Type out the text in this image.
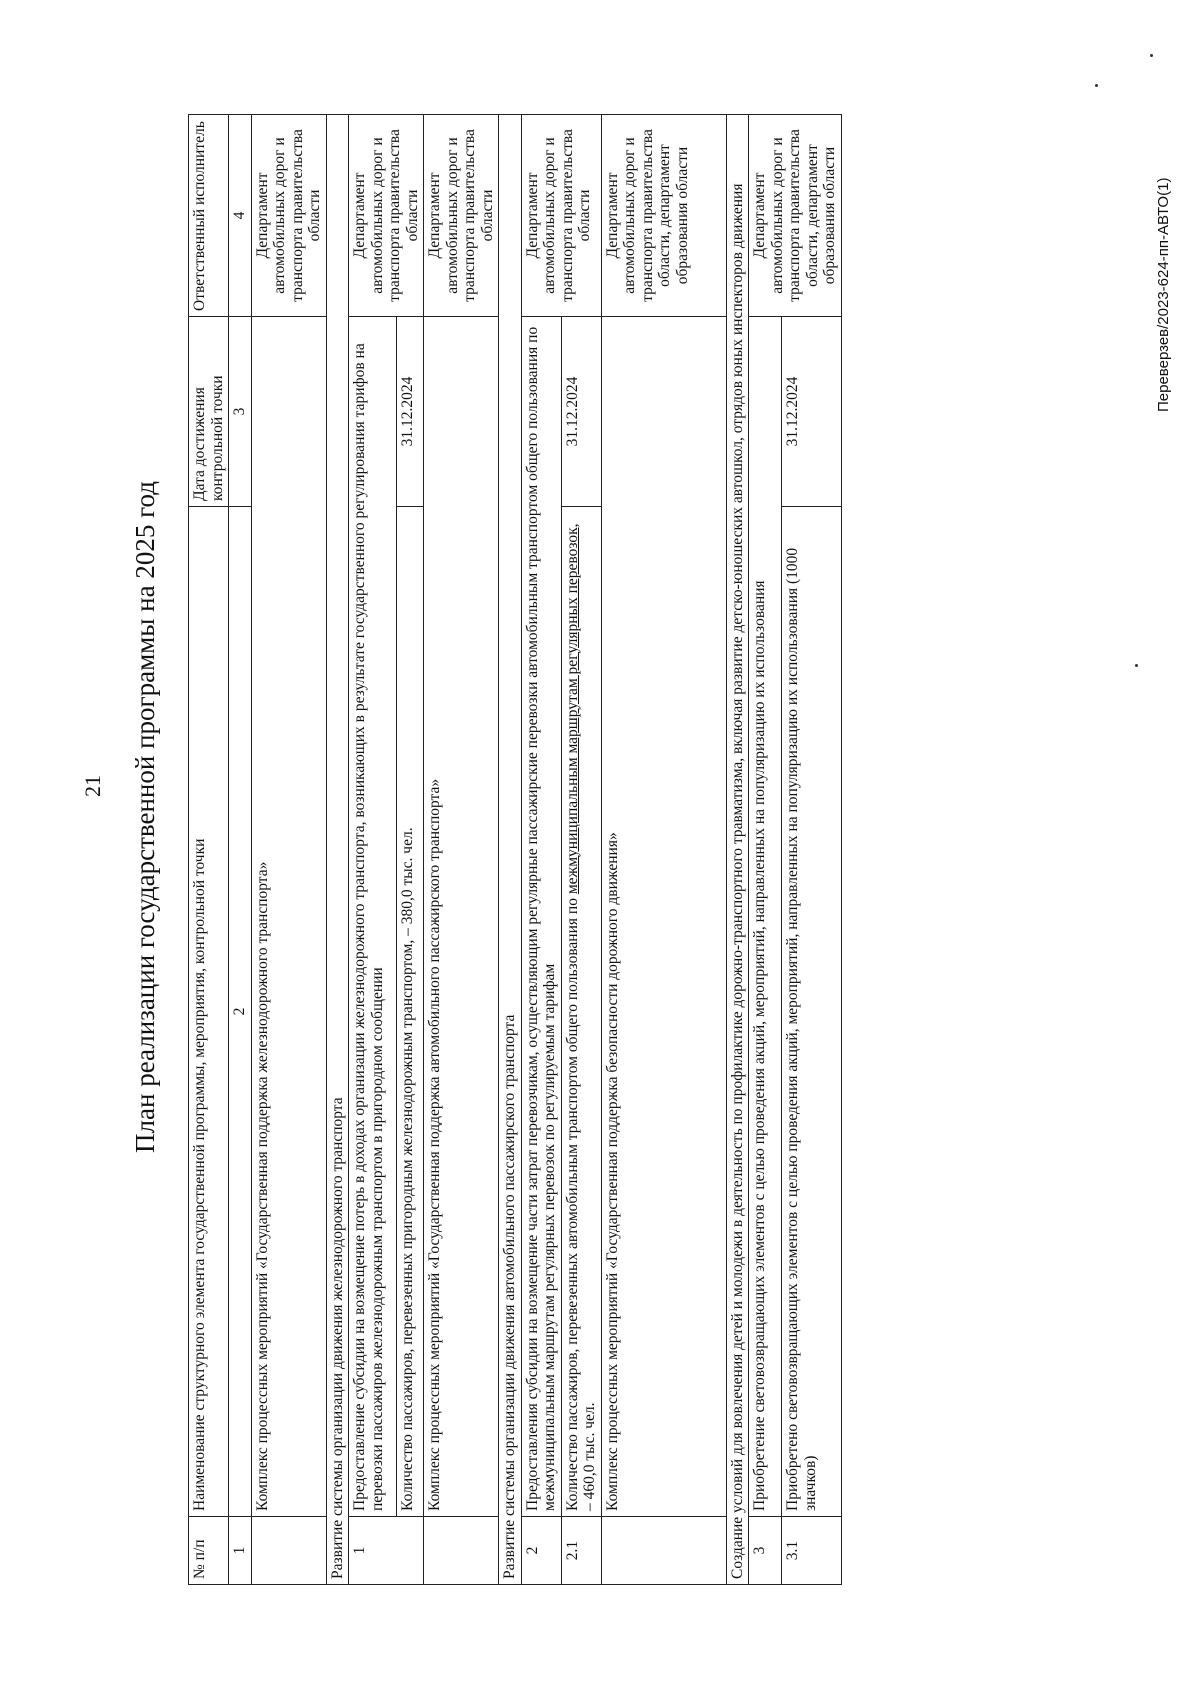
21 План реализации государственной программы на 2025 год
№ п/п	Наименование структурного элемента государственной программы, мероприятия, контрольной точки	Дата достижения контрольной точки	Ответственный исполнитель
1	2	3	4
	Комплекс процессных мероприятий «Государственная поддержка железнодорожного транспорта»		Департамент автомобильных дорог и транспорта правительства области
Развитие системы организации движения железнодорожного транспорта			
1	Предоставление субсидии на возмещение потерь в доходах организации железнодорожного транспорта, возникающих в результате государственного регулирования тарифов на перевозки пассажиров железнодорожным транспортом в пригородном сообщении		Департамент автомобильных дорог и транспорта правительства области
	Количество пассажиров, перевезенных пригородным железнодорожным транспортом, – 380,0 тыс. чел.	31.12.2024	
	Комплекс процессных мероприятий «Государственная поддержка автомобильного пассажирского транспорта»		Департамент автомобильных дорог и транспорта правительства области
Развитие системы организации движения автомобильного пассажирского транспорта			
2	Предоставления субсидии на возмещение части затрат перевозчикам, осуществляющим регулярные пассажирские перевозки автомобильным транспортом общего пользования по межмуниципальным маршрутам регулярных перевозок по регулируемым тарифам		Департамент автомобильных дорог и транспорта правительства области
2.1	Количество пассажиров, перевезенных автомобильным транспортом общего пользования по межмуниципальным маршрутам регулярных перевозок, – 460,0 тыс. чел.	31.12.2024	
	Комплекс процессных мероприятий «Государственная поддержка безопасности дорожного движения»		Департамент автомобильных дорог и транспорта правительства области, департамент образования области
Создание условий для вовлечения детей и молодежи в деятельность по профилактике дорожно-транспортного травматизма, включая развитие детско-юношеских автошкол, отрядов юных инспекторов движения			
3	Приобретение световозвращающих элементов с целью проведения акций, мероприятий, направленных на популяризацию их использования		Департамент автомобильных дорог и транспорта правительства области, департамент образования области
3.1	Приобретено световозвращающих элементов с целью проведения акций, мероприятий, направленных на популяризацию их использования (1000 значков)	31.12.2024		Переверзев/2023-624-пп-АВТО(1)
